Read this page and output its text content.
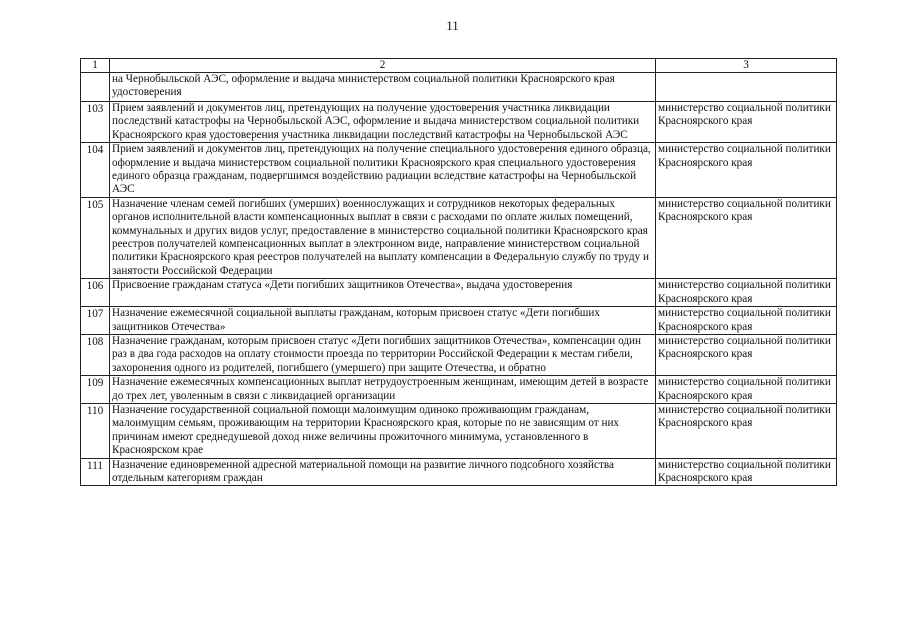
11
1	2	3
	на Чернобыльской АЭС, оформление и выдача министерством социальной политики Красноярского края удостоверения	
103	Прием заявлений и документов лиц, претендующих на получение удостоверения участника ликвидации последствий катастрофы на Чернобыльской АЭС, оформление и выдача министерством социальной политики Красноярского края удостоверения участника ликвидации последствий катастрофы на Чернобыльской АЭС	министерство социальной политики Красноярского края
104	Прием заявлений и документов лиц, претендующих на получение специального удостоверения единого образца, оформление и выдача министерством социальной политики Красноярского края специального удостоверения единого образца гражданам, подвергшимся воздействию радиации вследствие катастрофы на Чернобыльской АЭС	министерство социальной политики Красноярского края
105	Назначение членам семей погибших (умерших) военнослужащих и сотрудников некоторых федеральных органов исполнительной власти компенсационных выплат в связи с расходами по оплате жилых помещений, коммунальных и других видов услуг, предоставление в министерство социальной политики Красноярского края реестров получателей компенсационных выплат в электронном виде, направление министерством социальной политики Красноярского края реестров получателей на выплату компенсации в Федеральную службу по труду и занятости Российской Федерации	министерство социальной политики Красноярского края
106	Присвоение гражданам статуса «Дети погибших защитников Отечества», выдача удостоверения	министерство социальной политики Красноярского края
107	Назначение ежемесячной социальной выплаты гражданам, которым присвоен статус «Дети погибших защитников Отечества»	министерство социальной политики Красноярского края
108	Назначение гражданам, которым присвоен статус «Дети погибших защитников Отечества», компенсации один раз в два года расходов на оплату стоимости проезда по территории Российской Федерации к местам гибели, захоронения одного из родителей, погибшего (умершего) при защите Отечества, и обратно	министерство социальной политики Красноярского края
109	Назначение ежемесячных компенсационных выплат нетрудоустроенным женщинам, имеющим детей в возрасте до трех лет, уволенным в связи с ликвидацией организации	министерство социальной политики Красноярского края
110	Назначение государственной социальной помощи малоимущим одиноко проживающим гражданам, малоимущим семьям, проживающим на территории Красноярского края, которые по не зависящим от них причинам имеют среднедушевой доход ниже величины прожиточного минимума, установленного в Красноярском крае	министерство социальной политики Красноярского края
111	Назначение единовременной адресной материальной помощи на развитие личного подсобного хозяйства отдельным категориям граждан	министерство социальной политики Красноярского края
